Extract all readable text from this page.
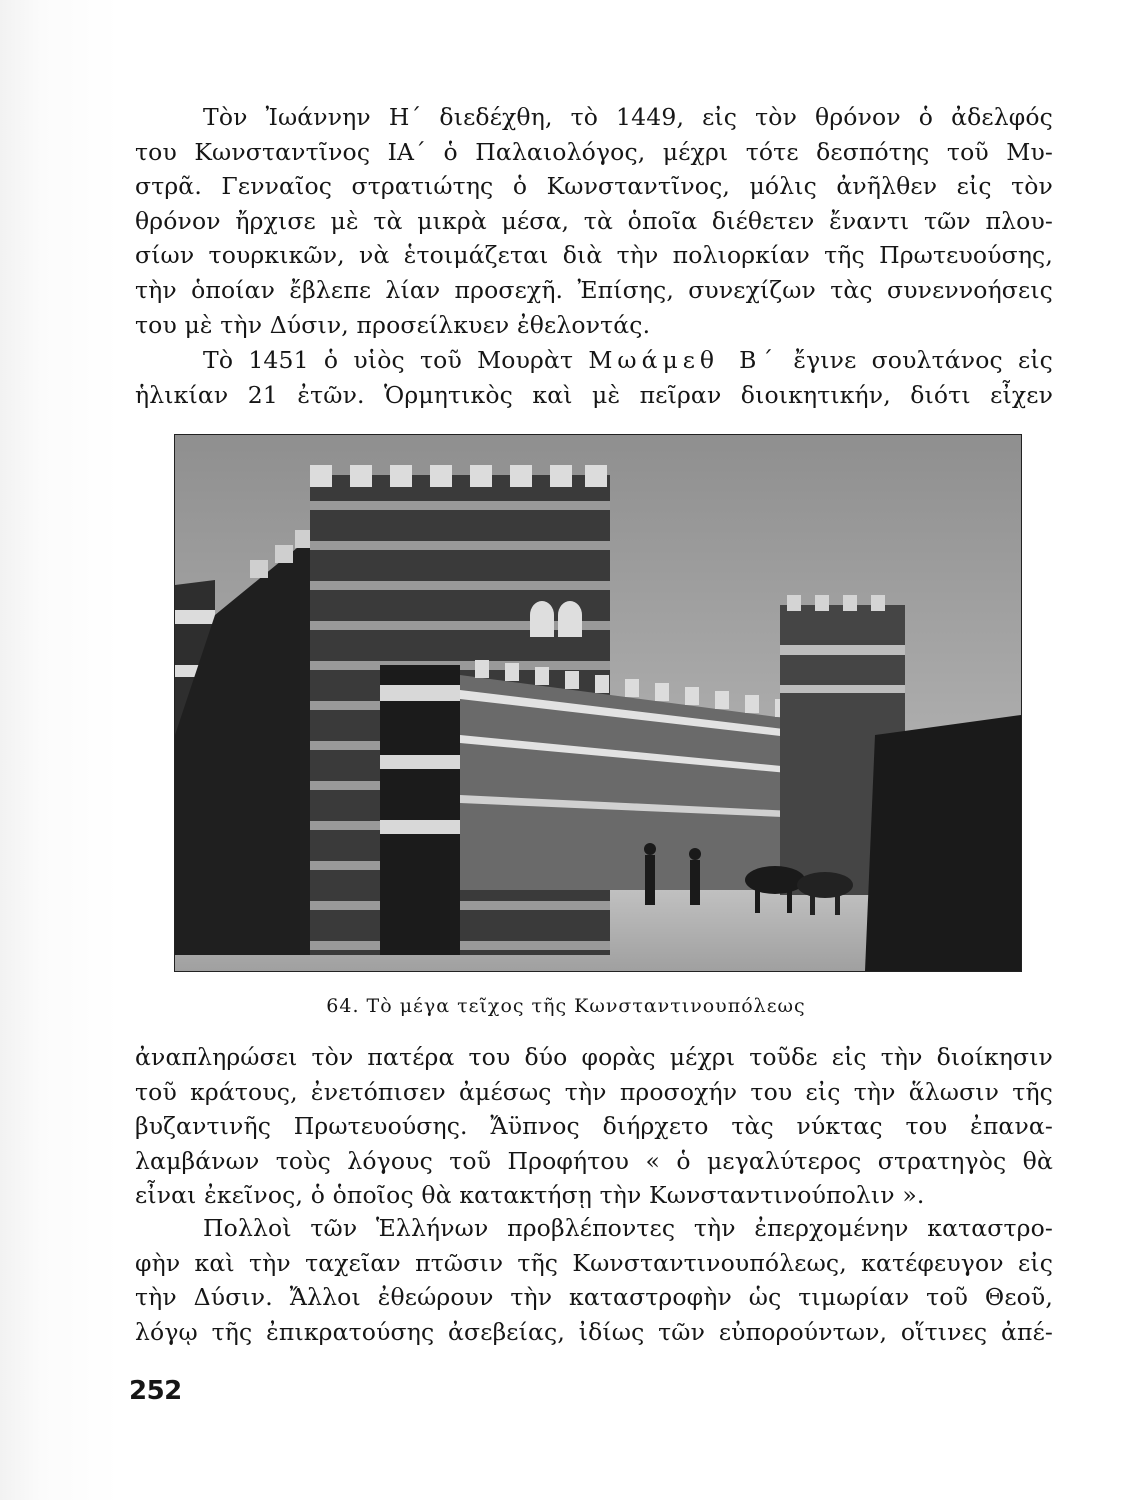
Τὸν Ἰωάννην Η΄ διεδέχθη, τὸ 1449, εἰς τὸν θρόνον ὁ ἀδελφός
του Κωνσταντῖνος ΙΑ΄ ὁ Παλαιολόγος, μέχρι τότε δεσπότης τοῦ Μυ-
στρᾶ. Γενναῖος στρατιώτης ὁ Κωνσταντῖνος, μόλις ἀνῆλθεν εἰς τὸν
θρόνον ἤρχισε μὲ τὰ μικρὰ μέσα, τὰ ὁποῖα διέθετεν ἔναντι τῶν πλου-
σίων τουρκικῶν, νὰ ἑτοιμάζεται διὰ τὴν πολιορκίαν τῆς Πρωτευούσης,
τὴν ὁποίαν ἔβλεπε λίαν προσεχῆ. Ἐπίσης, συνεχίζων τὰς συνεννοήσεις
του μὲ τὴν Δύσιν, προσείλκυεν ἐθελοντάς.
Τὸ 1451 ὁ υἱὸς τοῦ Μουρὰτ Μωάμεθ Β΄ ἔγινε σουλτάνος εἰς
ἡλικίαν 21 ἐτῶν. Ὁρμητικὸς καὶ μὲ πεῖραν διοικητικήν, διότι εἶχεν
64. Τὸ μέγα τεῖχος τῆς Κωνσταντινουπόλεως
ἀναπληρώσει τὸν πατέρα του δύο φορὰς μέχρι τοῦδε εἰς τὴν διοίκησιν
τοῦ κράτους, ἐνετόπισεν ἀμέσως τὴν προσοχήν του εἰς τὴν ἅλωσιν τῆς
βυζαντινῆς Πρωτευούσης. Ἄϋπνος διήρχετο τὰς νύκτας του ἐπανα-
λαμβάνων τοὺς λόγους τοῦ Προφήτου « ὁ μεγαλύτερος στρατηγὸς θὰ
εἶναι ἐκεῖνος, ὁ ὁποῖος θὰ κατακτήσῃ τὴν Κωνσταντινούπολιν ».
Πολλοὶ τῶν Ἑλλήνων προβλέποντες τὴν ἐπερχομένην καταστρο-
φὴν καὶ τὴν ταχεῖαν πτῶσιν τῆς Κωνσταντινουπόλεως, κατέφευγον εἰς
τὴν Δύσιν. Ἄλλοι ἐθεώρουν τὴν καταστροφὴν ὡς τιμωρίαν τοῦ Θεοῦ,
λόγῳ τῆς ἐπικρατούσης ἀσεβείας, ἰδίως τῶν εὐπορούντων, οἵτινες ἀπέ-
252
